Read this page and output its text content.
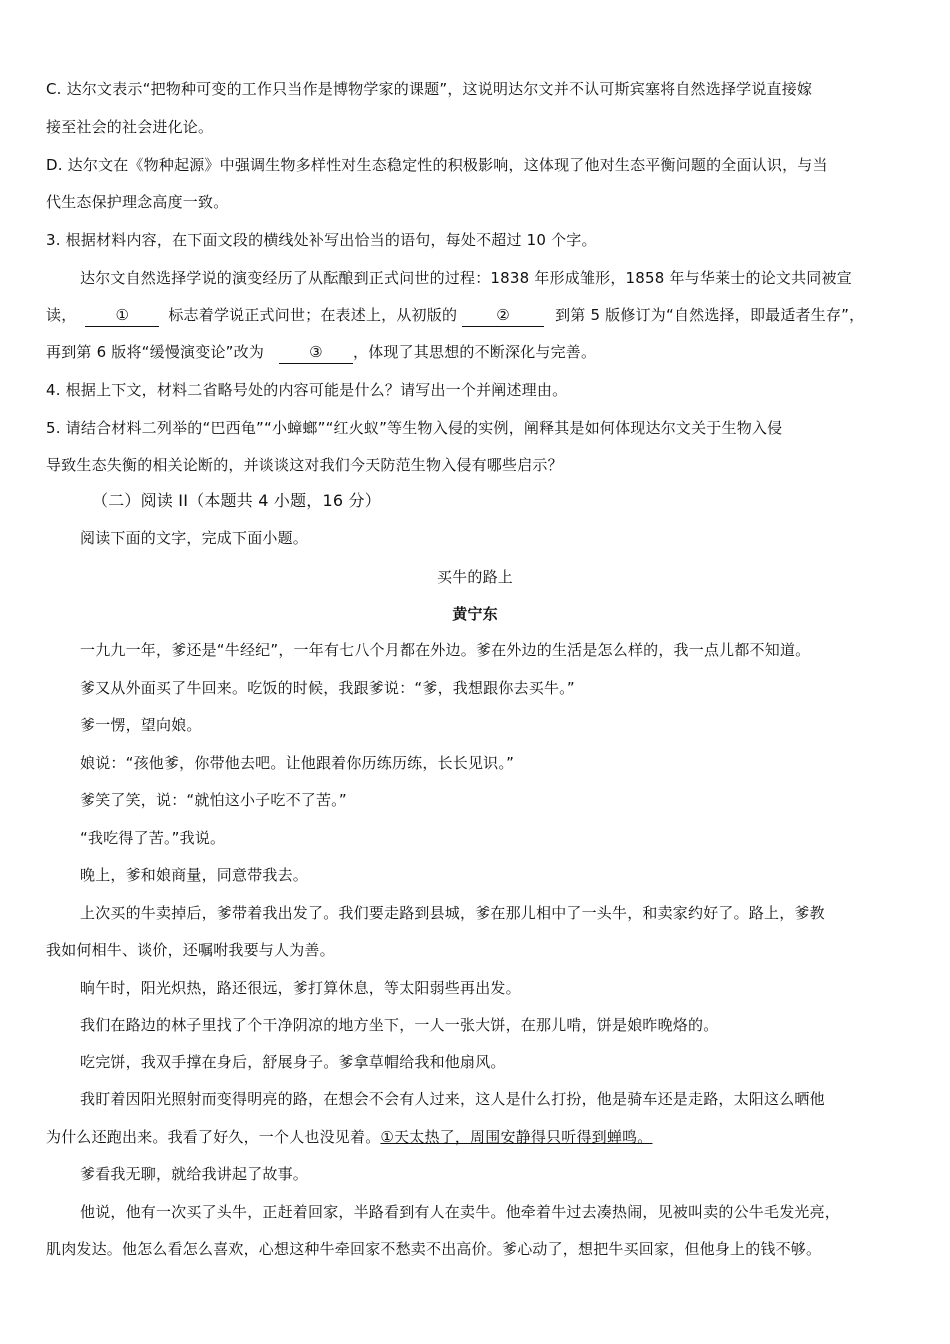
C. 达尔文表示“把物种可变的工作只当作是博物学家的课题”，这说明达尔文并不认可斯宾塞将自然选择学说直接嫁
接至社会的社会进化论。
D. 达尔文在《物种起源》中强调生物多样性对生态稳定性的积极影响，这体现了他对生态平衡问题的全面认识，与当
代生态保护理念高度一致。
3. 根据材料内容，在下面文段的横线处补写出恰当的语句，每处不超过 10 个字。
达尔文自然选择学说的演变经历了从酝酿到正式问世的过程：1838 年形成雏形，1858 年与华莱士的论文共同被宣
读，	①	标志着学说正式问世；在表述上，从初版的	②	到第 5 版修订为“自然选择，即最适者生存”，
再到第 6 版将“缓慢演变论”改为	③ ，体现了其思想的不断深化与完善。
4. 根据上下文，材料二省略号处的内容可能是什么？请写出一个并阐述理由。
5. 请结合材料二列举的“巴西龟”“小蟑螂”“红火蚁”等生物入侵的实例，阐释其是如何体现达尔文关于生物入侵
导致生态失衡的相关论断的，并谈谈这对我们今天防范生物入侵有哪些启示？
（二）阅读 II（本题共 4 小题，16 分）
阅读下面的文字，完成下面小题。
买牛的路上
黄宁东
一九九一年，爹还是“牛经纪”，一年有七八个月都在外边。爹在外边的生活是怎么样的，我一点儿都不知道。
爹又从外面买了牛回来。吃饭的时候，我跟爹说：“爹，我想跟你去买牛。”
爹一愣，望向娘。
娘说：“孩他爹，你带他去吧。让他跟着你历练历练，长长见识。”
爹笑了笑，说：“就怕这小子吃不了苦。”
“我吃得了苦。”我说。
晚上，爹和娘商量，同意带我去。
上次买的牛卖掉后，爹带着我出发了。我们要走路到县城，爹在那儿相中了一头牛，和卖家约好了。路上，爹教
我如何相牛、谈价，还嘱咐我要与人为善。
晌午时，阳光炽热，路还很远，爹打算休息，等太阳弱些再出发。
我们在路边的林子里找了个干净阴凉的地方坐下，一人一张大饼，在那儿啃，饼是娘昨晚烙的。
吃完饼，我双手撑在身后，舒展身子。爹拿草帽给我和他扇风。
我盯着因阳光照射而变得明亮的路，在想会不会有人过来，这人是什么打扮，他是骑车还是走路，太阳这么晒他
为什么还跑出来。我看了好久，一个人也没见着。①天太热了，周围安静得只听得到蝉鸣。
爹看我无聊，就给我讲起了故事。
他说，他有一次买了头牛，正赶着回家，半路看到有人在卖牛。他牵着牛过去凑热闹，见被叫卖的公牛毛发光亮，
肌肉发达。他怎么看怎么喜欢，心想这种牛牵回家不愁卖不出高价。爹心动了，想把牛买回家，但他身上的钱不够。
